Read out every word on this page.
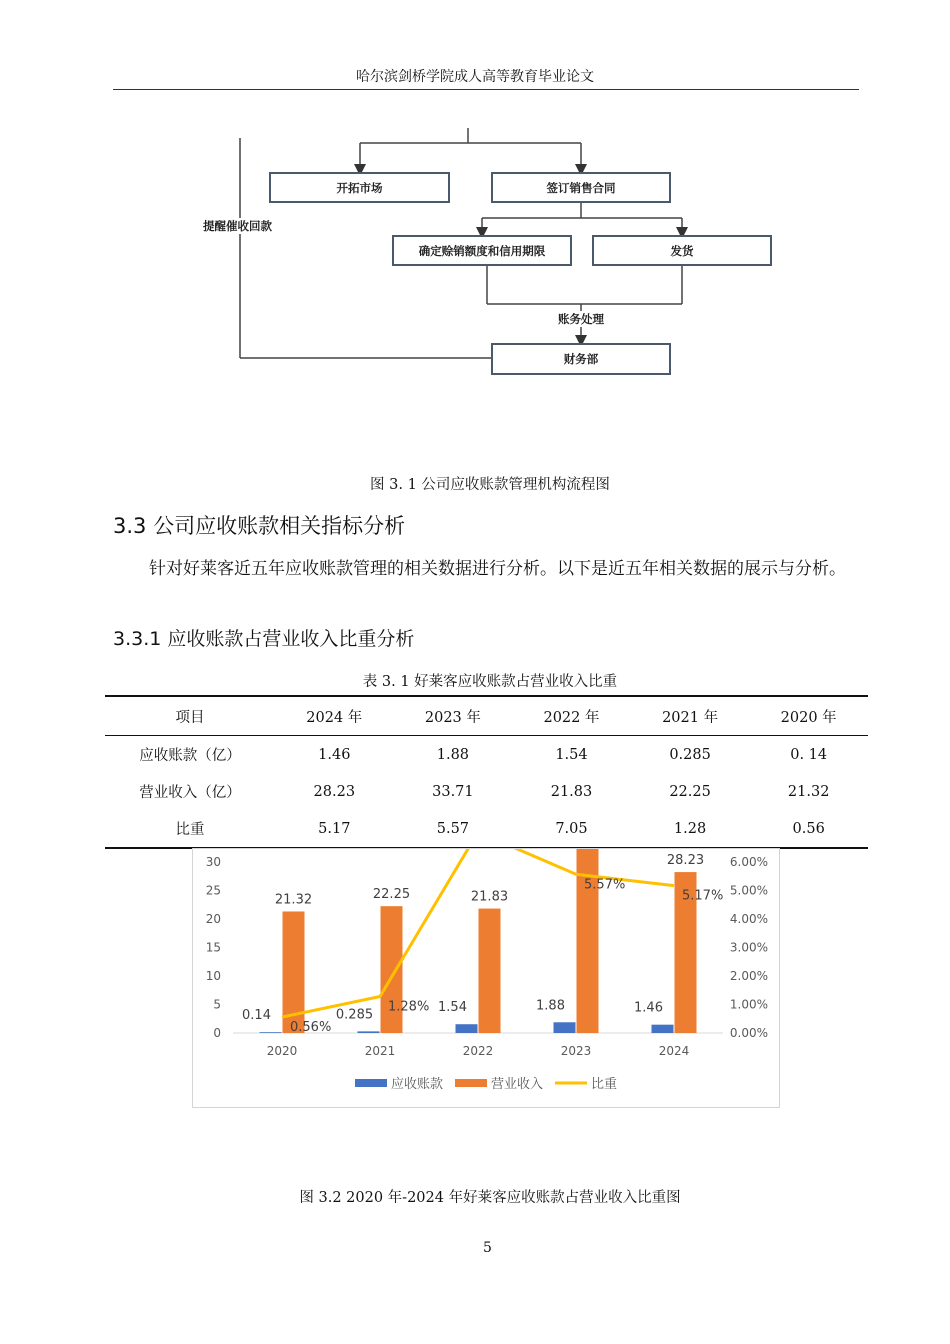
哈尔滨剑桥学院成人高等教育毕业论文
开拓市场	签订销售合同
确定赊销额度和信用期限	发货
财务部
提醒催收回款
账务处理
图 3. 1 公司应收账款管理机构流程图
3.3 公司应收账款相关指标分析
针对好莱客近五年应收账款管理的相关数据进行分析。以下是近五年相关数据的展示与分析。
3.3.1 应收账款占营业收入比重分析
表 3. 1 好莱客应收账款占营业收入比重
项目	2024 年	2023 年	2022 年	2021 年	2020 年
应收账款（亿）	1.46	1.88	1.54	0.285	0. 14
营业收入（亿）	28.23	33.71	21.83	22.25	21.32
比重	5.17	5.57	7.05	1.28	0.56
0
5
10
15
20
25
30
0.00%
1.00%
2.00%
3.00%
4.00%
5.00%
6.00%
2020	2021	2022	2023	2024
0.14	0.285	1.54	1.88	1.46
21.32	22.25	21.83
28.23
0.56%
1.28%
5.57%
5.17%
应收账款	营业收入	比重
图 3.2 2020 年-2024 年好莱客应收账款占营业收入比重图
5
